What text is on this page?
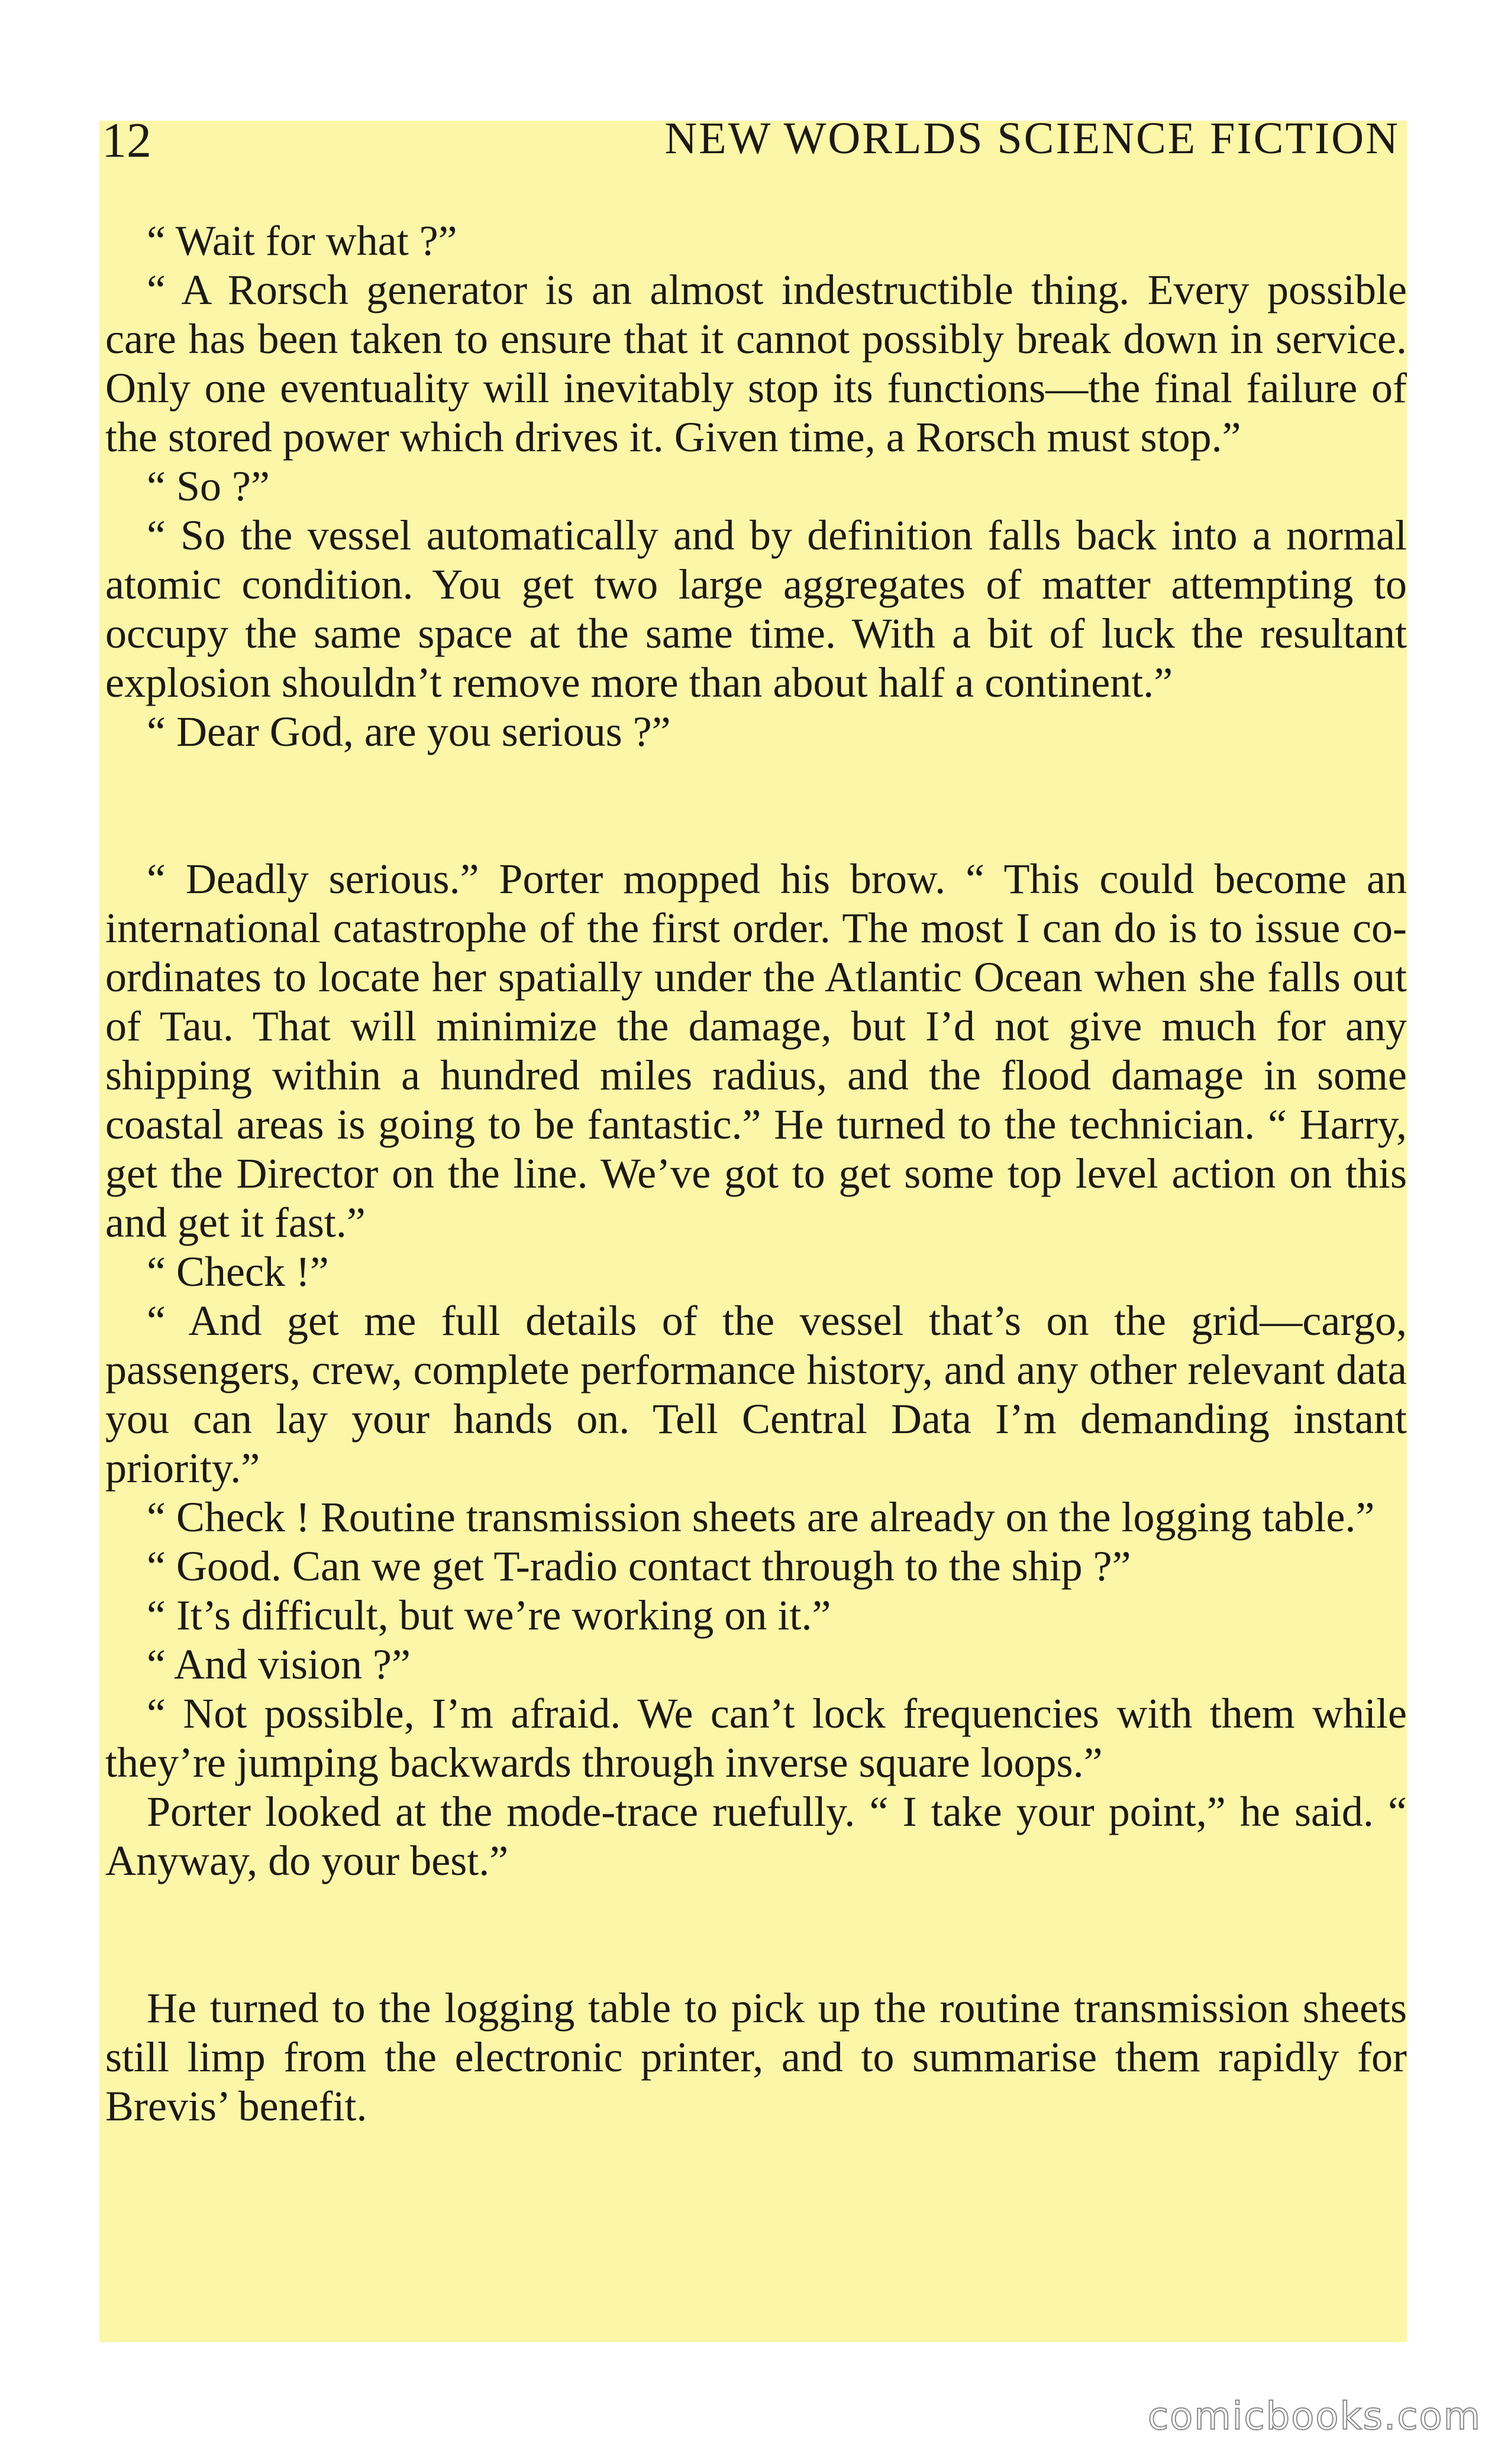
12	NEW WORLDS SCIENCE FICTION

“ Wait for what ?”

“ A Rorsch generator is an almost indestructible thing. Every possible care has been taken to ensure that it cannot possibly break down in service. Only one eventuality will inevitably stop its functions—the final failure of the stored power which drives it. Given time, a Rorsch must stop.”

“ So ?”

“ So the vessel automatically and by definition falls back into a normal atomic condition. You get two large aggregates of matter attempting to occupy the same space at the same time. With a bit of luck the resultant explosion shouldn’t remove more than about half a continent.”

“ Dear God, are you serious ?”

“ Deadly serious.” Porter mopped his brow. “ This could become an international catastrophe of the first order. The most I can do is to issue co-ordinates to locate her spatially under the Atlantic Ocean when she falls out of Tau. That will minimize the damage, but I’d not give much for any shipping within a hundred miles radius, and the flood damage in some coastal areas is going to be fantastic.” He turned to the technician. “ Harry, get the Director on the line. We’ve got to get some top level action on this and get it fast.”

“ Check !”

“ And get me full details of the vessel that’s on the grid—cargo, passengers, crew, complete performance history, and any other relevant data you can lay your hands on. Tell Central Data I’m demanding instant priority.”

“ Check ! Routine transmission sheets are already on the logging table.”

“ Good. Can we get T-radio contact through to the ship ?”

“ It’s difficult, but we’re working on it.”

“ And vision ?”

“ Not possible, I’m afraid. We can’t lock frequencies with them while they’re jumping backwards through inverse square loops.”

Porter looked at the mode-trace ruefully. “ I take your point,” he said. “ Anyway, do your best.”

He turned to the logging table to pick up the routine transmission sheets still limp from the electronic printer, and to summarise them rapidly for Brevis’ benefit.

comicbooks.com
